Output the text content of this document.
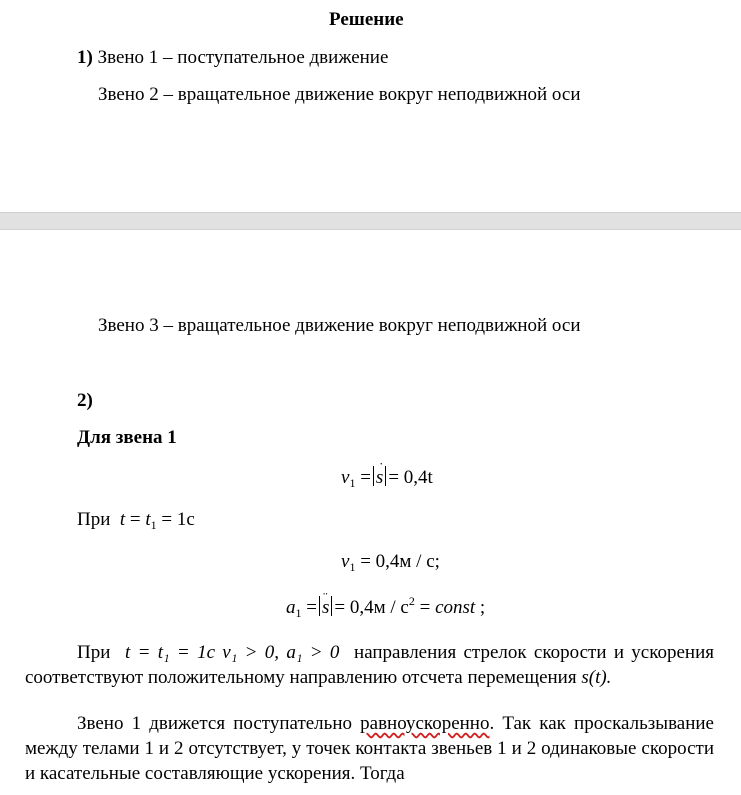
Решение
1) Звено 1 – поступательное движение
Звено 2 – вращательное движение вокруг неподвижной оси
Звено 3 – вращательное движение вокруг неподвижной оси
2)
Для звена 1
$v_1$ = ˙ s = 0,4t
При $t = t_1 = 1c$
$v_1 = 0,4м / c$;
$a_1$ = ¨ $s = 0,4м / c^2$ = const ;
При t = t₁ = 1c v₁ > 0, a₁ > 0 направления стрелок скорости и ускорения соответствуют положительному направлению отсчета перемещения s(t).
Звено 1 движется поступательно равноускоренно. Так как проскальзывание между телами 1 и 2 отсутствует, у точек контакта звеньев 1 и 2 одинаковые скорости и касательные составляющие ускорения. Тогда
